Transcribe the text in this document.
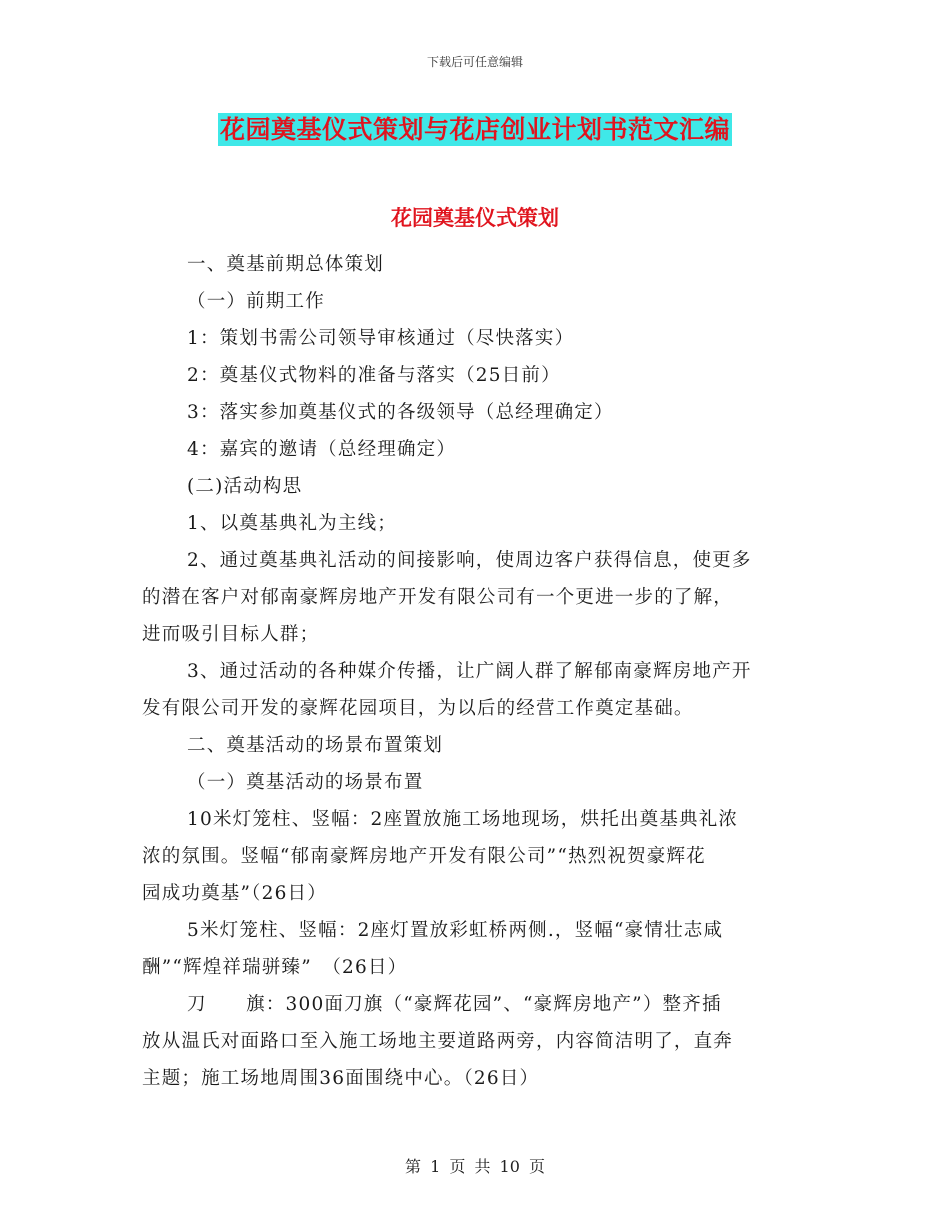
下载后可任意编辑
花园奠基仪式策划与花店创业计划书范文汇编
花园奠基仪式策划

一、奠基前期总体策划

（一）前期工作

1：策划书需公司领导审核通过（尽快落实）

2：奠基仪式物料的准备与落实（25日前）

3：落实参加奠基仪式的各级领导（总经理确定）

4：嘉宾的邀请（总经理确定）

(二)活动构思

1、以奠基典礼为主线；

2、通过奠基典礼活动的间接影响，使周边客户获得信息，使更多

的潜在客户对郁南豪辉房地产开发有限公司有一个更进一步的了解，

进而吸引目标人群；

3、通过活动的各种媒介传播，让广阔人群了解郁南豪辉房地产开

发有限公司开发的豪辉花园项目，为以后的经营工作奠定基础。

二、奠基活动的场景布置策划

（一）奠基活动的场景布置

10米灯笼柱、竖幅：2座置放施工场地现场，烘托出奠基典礼浓

浓的氛围。竖幅“郁南豪辉房地产开发有限公司”“热烈祝贺豪辉花

园成功奠基”（26日）

5米灯笼柱、竖幅：2座灯置放彩虹桥两侧.，竖幅“豪情壮志咸

酬”“辉煌祥瑞骈臻”　（26日）

刀　　旗：300面刀旗（“豪辉花园”、“豪辉房地产”）整齐插

放从温氏对面路口至入施工场地主要道路两旁，内容简洁明了，直奔

主题；施工场地周围36面围绕中心。（26日）

第 1 页 共 10 页
